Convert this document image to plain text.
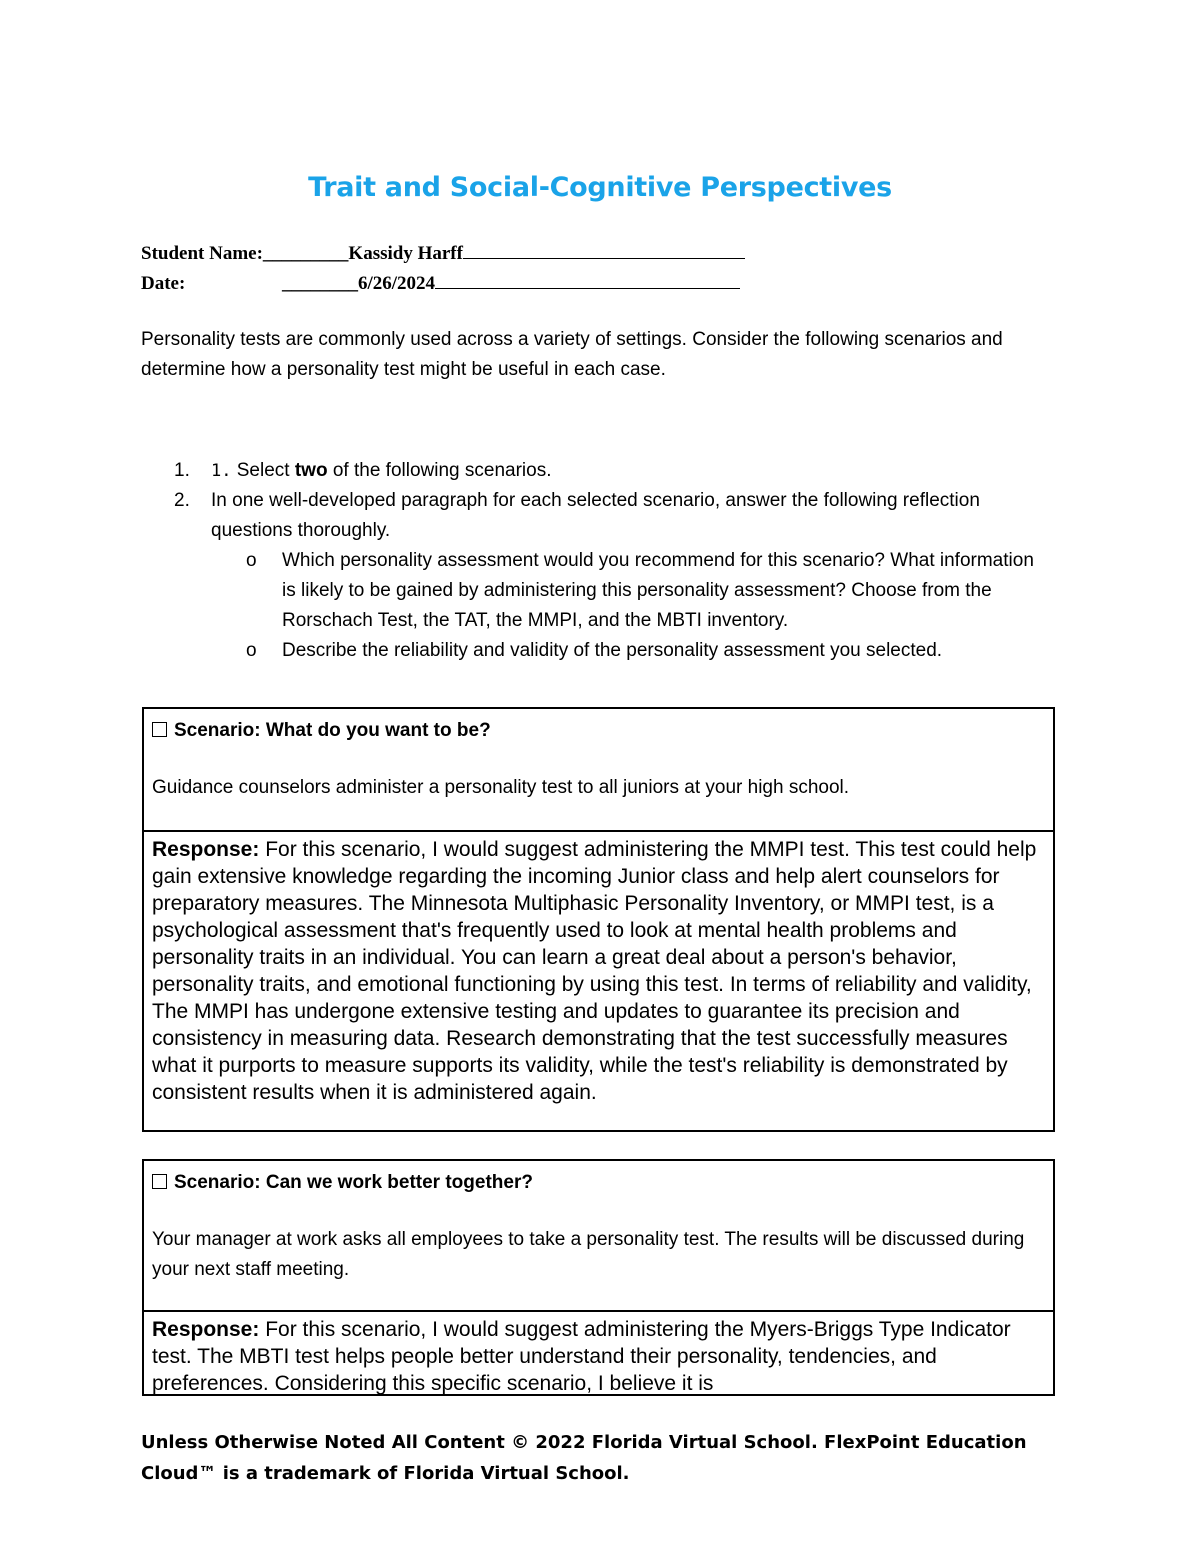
Trait and Social-Cognitive Perspectives
Student Name:_________Kassidy Harff
Date:	________6/26/2024
Personality tests are commonly used across a variety of settings. Consider the following scenarios and determine how a personality test might be useful in each case.
1. 1. Select two of the following scenarios.
2. In one well-developed paragraph for each selected scenario, answer the following reflection questions thoroughly.
o Which personality assessment would you recommend for this scenario? What information is likely to be gained by administering this personality assessment? Choose from the Rorschach Test, the TAT, the MMPI, and the MBTI inventory.
o Describe the reliability and validity of the personality assessment you selected.
Scenario: What do you want to be?
Guidance counselors administer a personality test to all juniors at your high school.
Response: For this scenario, I would suggest administering the MMPI test. This test could help gain extensive knowledge regarding the incoming Junior class and help alert counselors for preparatory measures. The Minnesota Multiphasic Personality Inventory, or MMPI test, is a psychological assessment that's frequently used to look at mental health problems and personality traits in an individual. You can learn a great deal about a person's behavior, personality traits, and emotional functioning by using this test. In terms of reliability and validity, The MMPI has undergone extensive testing and updates to guarantee its precision and consistency in measuring data. Research demonstrating that the test successfully measures what it purports to measure supports its validity, while the test's reliability is demonstrated by consistent results when it is administered again.
Scenario: Can we work better together?
Your manager at work asks all employees to take a personality test. The results will be discussed during your next staff meeting.
Response: For this scenario, I would suggest administering the Myers-Briggs Type Indicator test. The MBTI test helps people better understand their personality, tendencies, and preferences. Considering this specific scenario, I believe it is
Unless Otherwise Noted All Content © 2022 Florida Virtual School. FlexPoint Education Cloud™ is a trademark of Florida Virtual School.
